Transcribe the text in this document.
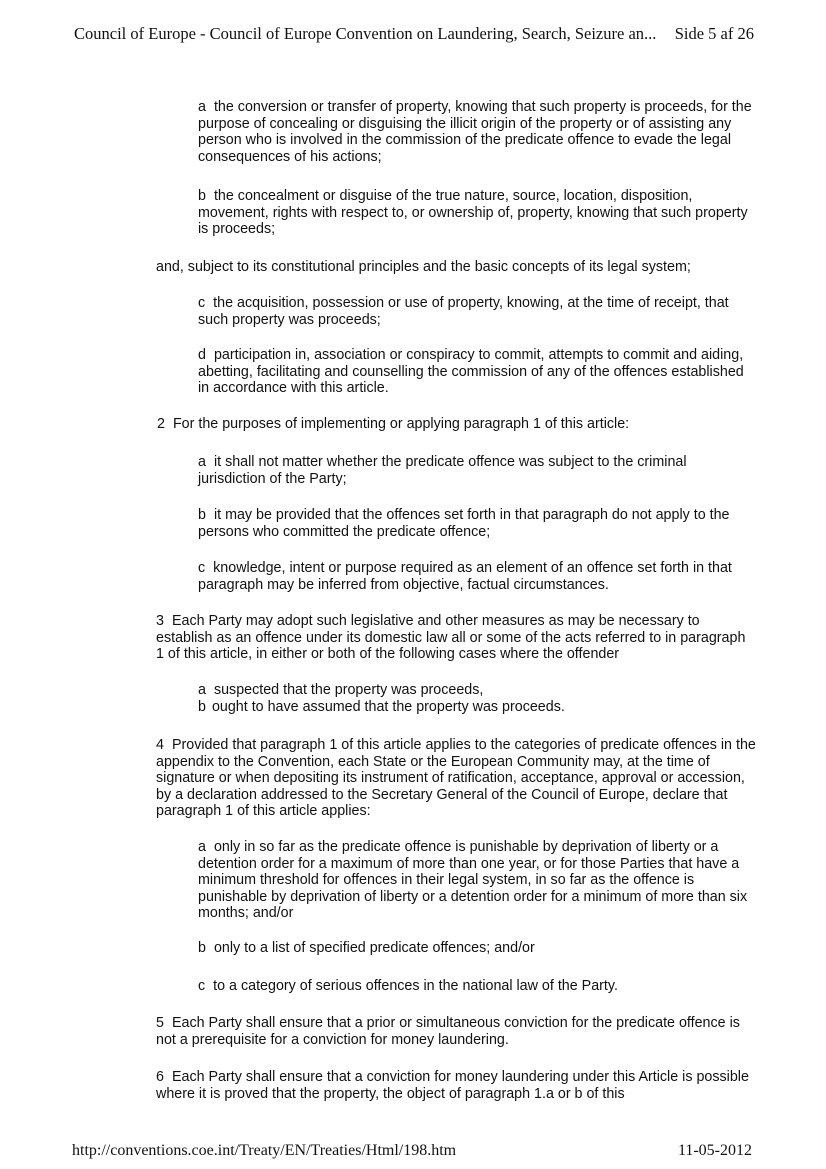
Council of Europe - Council of Europe Convention on Laundering, Search, Seizure an... Side 5 af 26

a the conversion or transfer of property, knowing that such property is proceeds, for the purpose of concealing or disguising the illicit origin of the property or of assisting any person who is involved in the commission of the predicate offence to evade the legal consequences of his actions;

b the concealment or disguise of the true nature, source, location, disposition, movement, rights with respect to, or ownership of, property, knowing that such property is proceeds;

and, subject to its constitutional principles and the basic concepts of its legal system;

c the acquisition, possession or use of property, knowing, at the time of receipt, that such property was proceeds;

d participation in, association or conspiracy to commit, attempts to commit and aiding, abetting, facilitating and counselling the commission of any of the offences established in accordance with this article.

2 For the purposes of implementing or applying paragraph 1 of this article:

a it shall not matter whether the predicate offence was subject to the criminal jurisdiction of the Party;

b it may be provided that the offences set forth in that paragraph do not apply to the persons who committed the predicate offence;

c knowledge, intent or purpose required as an element of an offence set forth in that paragraph may be inferred from objective, factual circumstances.

3 Each Party may adopt such legislative and other measures as may be necessary to establish as an offence under its domestic law all or some of the acts referred to in paragraph 1 of this article, in either or both of the following cases where the offender

a suspected that the property was proceeds,

b ought to have assumed that the property was proceeds.

4 Provided that paragraph 1 of this article applies to the categories of predicate offences in the appendix to the Convention, each State or the European Community may, at the time of signature or when depositing its instrument of ratification, acceptance, approval or accession, by a declaration addressed to the Secretary General of the Council of Europe, declare that paragraph 1 of this article applies:

a only in so far as the predicate offence is punishable by deprivation of liberty or a detention order for a maximum of more than one year, or for those Parties that have a minimum threshold for offences in their legal system, in so far as the offence is punishable by deprivation of liberty or a detention order for a minimum of more than six months; and/or

b only to a list of specified predicate offences; and/or

c to a category of serious offences in the national law of the Party.

5 Each Party shall ensure that a prior or simultaneous conviction for the predicate offence is not a prerequisite for a conviction for money laundering.

6 Each Party shall ensure that a conviction for money laundering under this Article is possible where it is proved that the property, the object of paragraph 1.a or b of this

http://conventions.coe.int/Treaty/EN/Treaties/Html/198.htm	11-05-2012
